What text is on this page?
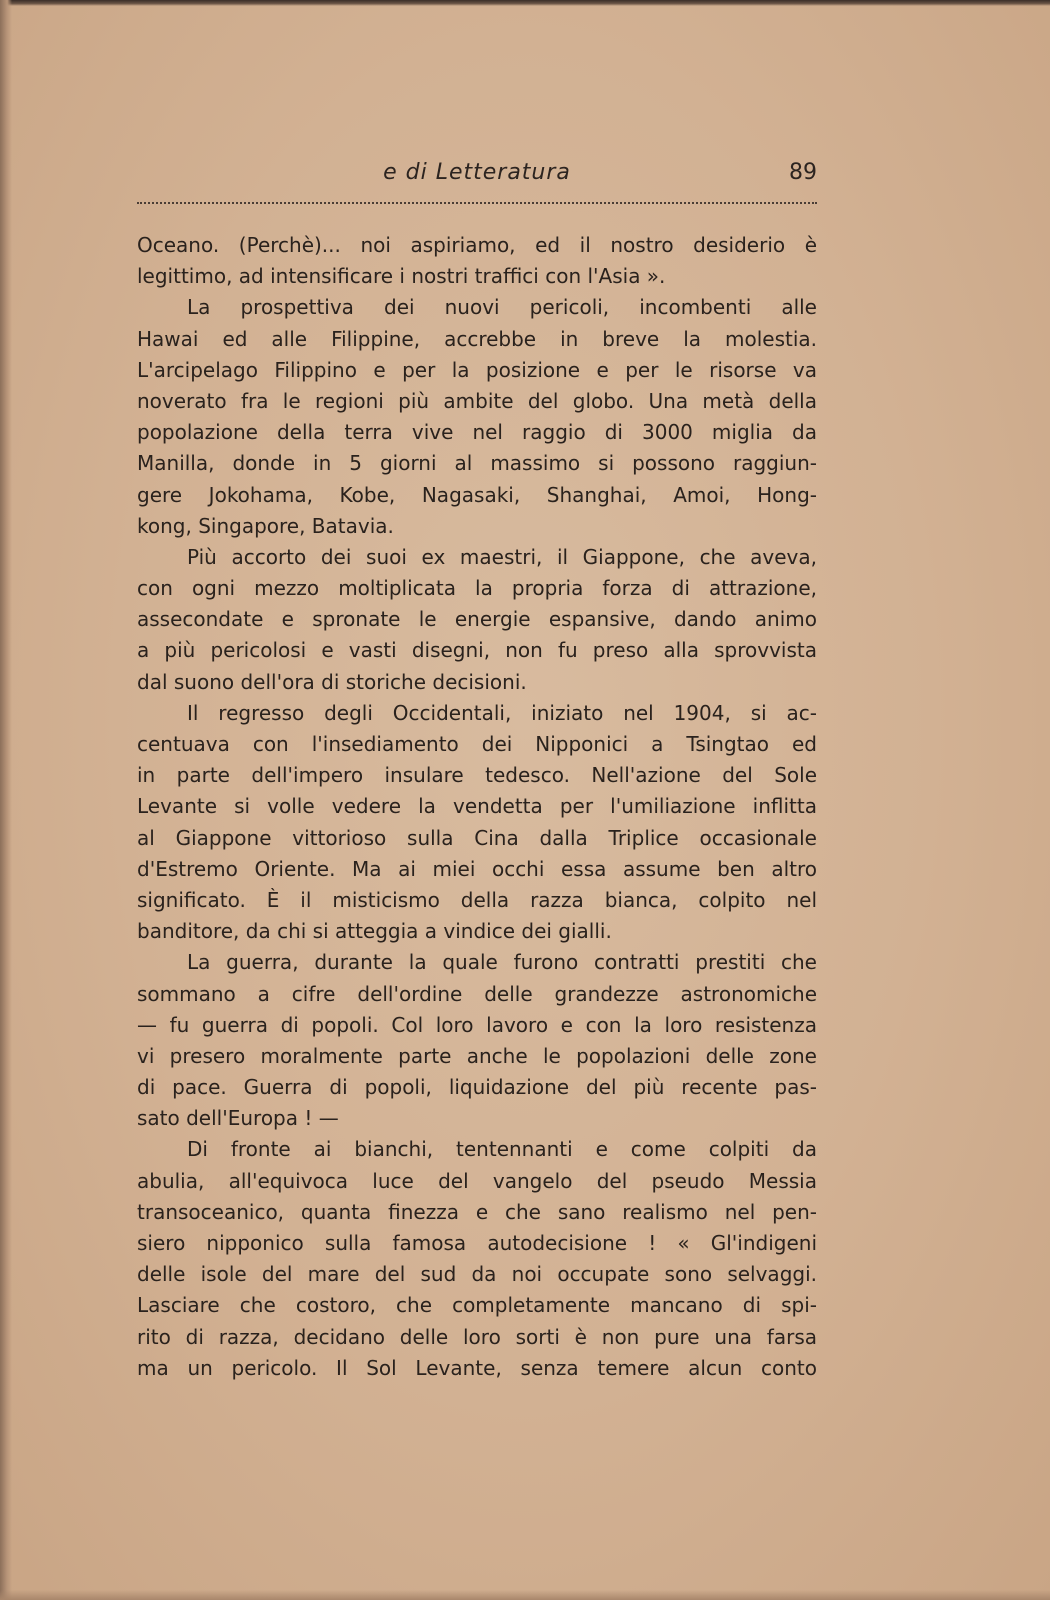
e di Letteratura	89
Oceano. (Perchè)... noi aspiriamo, ed il nostro desiderio è
legittimo, ad intensificare i nostri traffici con l'Asia ».
La prospettiva dei nuovi pericoli, incombenti alle
Hawai ed alle Filippine, accrebbe in breve la molestia.
L'arcipelago Filippino e per la posizione e per le risorse va
noverato fra le regioni più ambite del globo. Una metà della
popolazione della terra vive nel raggio di 3000 miglia da
Manilla, donde in 5 giorni al massimo si possono raggiun-
gere Jokohama, Kobe, Nagasaki, Shanghai, Amoi, Hong-
kong, Singapore, Batavia.
Più accorto dei suoi ex maestri, il Giappone, che aveva,
con ogni mezzo moltiplicata la propria forza di attrazione,
assecondate e spronate le energie espansive, dando animo
a più pericolosi e vasti disegni, non fu preso alla sprovvista
dal suono dell'ora di storiche decisioni.
Il regresso degli Occidentali, iniziato nel 1904, si ac-
centuava con l'insediamento dei Nipponici a Tsingtao ed
in parte dell'impero insulare tedesco. Nell'azione del Sole
Levante si volle vedere la vendetta per l'umiliazione inflitta
al Giappone vittorioso sulla Cina dalla Triplice occasionale
d'Estremo Oriente. Ma ai miei occhi essa assume ben altro
significato. È il misticismo della razza bianca, colpito nel
banditore, da chi si atteggia a vindice dei gialli.
La guerra, durante la quale furono contratti prestiti che
sommano a cifre dell'ordine delle grandezze astronomiche
— fu guerra di popoli. Col loro lavoro e con la loro resistenza
vi presero moralmente parte anche le popolazioni delle zone
di pace. Guerra di popoli, liquidazione del più recente pas-
sato dell'Europa ! —
Di fronte ai bianchi, tentennanti e come colpiti da
abulia, all'equivoca luce del vangelo del pseudo Messia
transoceanico, quanta finezza e che sano realismo nel pen-
siero nipponico sulla famosa autodecisione ! « Gl'indigeni
delle isole del mare del sud da noi occupate sono selvaggi.
Lasciare che costoro, che completamente mancano di spi-
rito di razza, decidano delle loro sorti è non pure una farsa
ma un pericolo. Il Sol Levante, senza temere alcun conto
